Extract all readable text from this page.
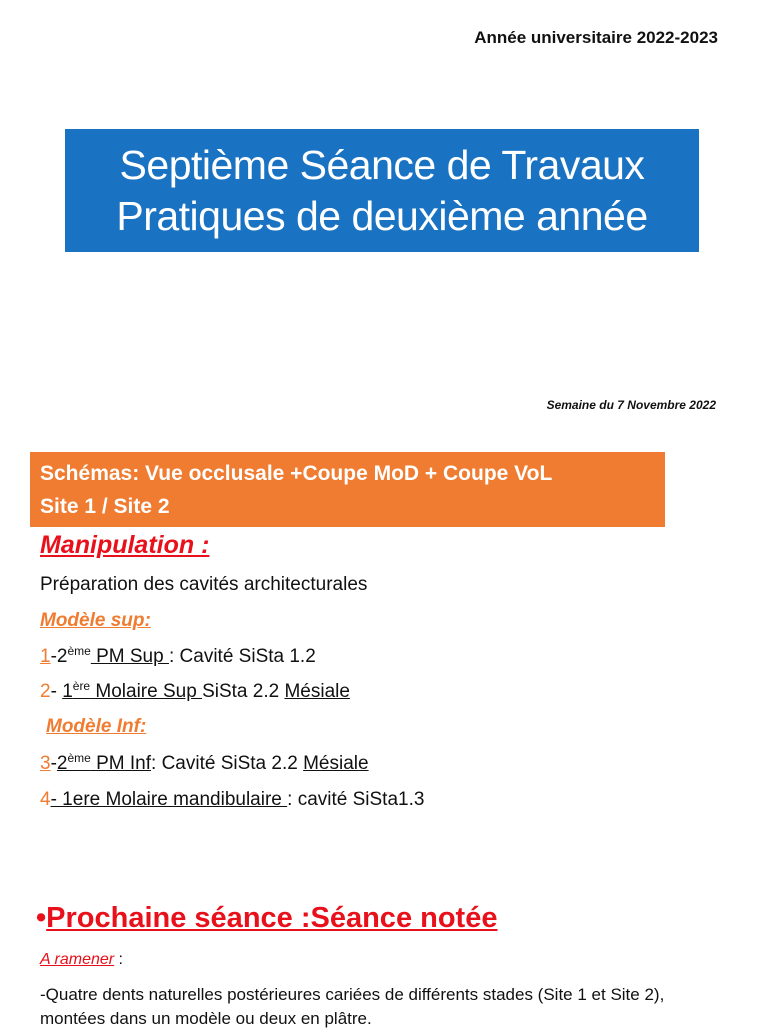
Année universitaire 2022-2023
Septième Séance de Travaux
Pratiques de deuxième année
Semaine du 7 Novembre 2022
Schémas: Vue occlusale +Coupe MoD + Coupe VoL
Site 1 / Site 2
Manipulation :
Préparation des cavités architecturales
Modèle sup:
1-2ème PM Sup : Cavité SiSta 1.2
2- 1ère Molaire Sup SiSta 2.2 Mésiale
Modèle Inf:
3-2ème PM Inf: Cavité SiSta 2.2 Mésiale
4- 1ere Molaire mandibulaire : cavité SiSta1.3
•Prochaine séance :Séance notée
A ramener :
-Quatre dents naturelles postérieures cariées de différents stades (Site 1 et Site 2), montées dans un modèle ou deux en plâtre.
